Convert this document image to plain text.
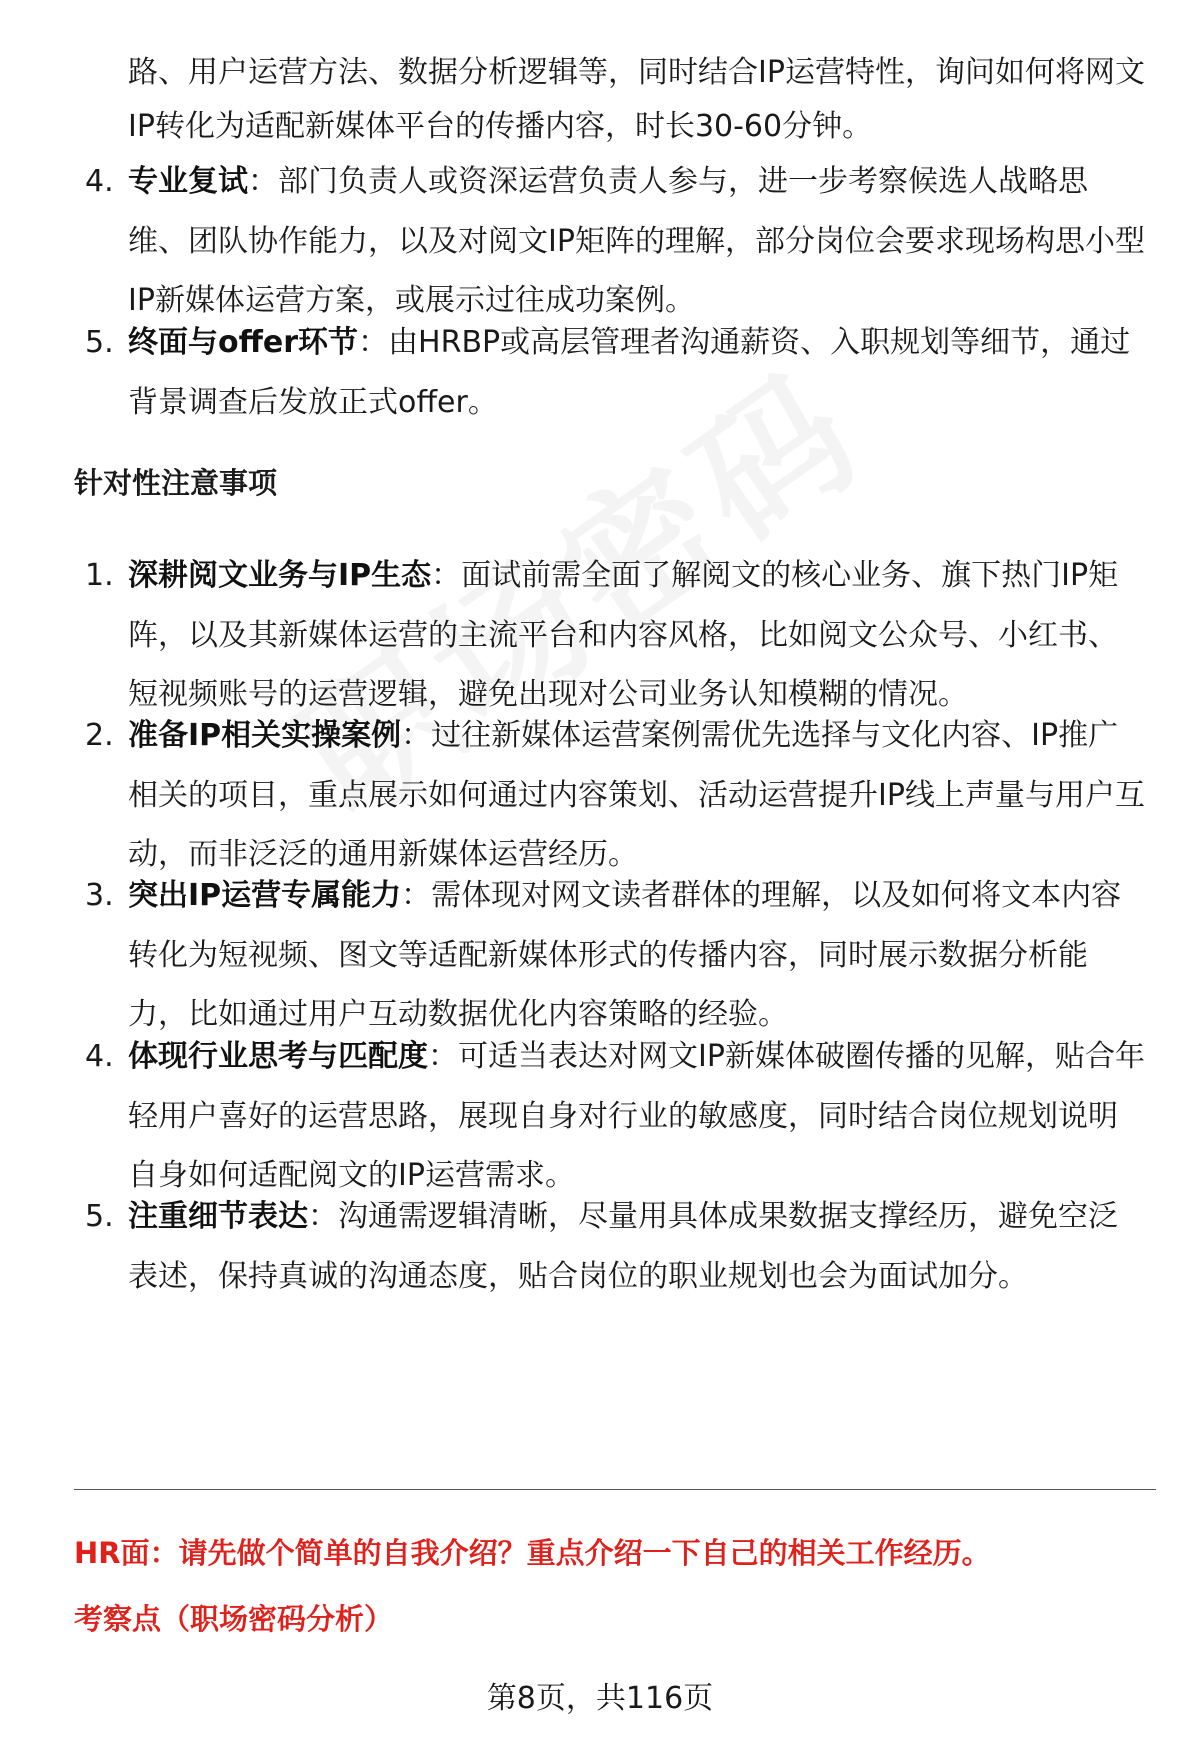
路、用户运营方法、数据分析逻辑等，同时结合IP运营特性，询问如何将网文
IP转化为适配新媒体平台的传播内容，时长30-60分钟。
4. 专业复试：部门负责人或资深运营负责人参与，进一步考察候选人战略思维、团队协作能力，以及对阅文IP矩阵的理解，部分岗位会要求现场构思小型IP新媒体运营方案，或展示过往成功案例。
5. 终面与offer环节：由HRBP或高层管理者沟通薪资、入职规划等细节，通过背景调查后发放正式offer。
针对性注意事项
1. 深耕阅文业务与IP生态：面试前需全面了解阅文的核心业务、旗下热门IP矩阵，以及其新媒体运营的主流平台和内容风格，比如阅文公众号、小红书、短视频账号的运营逻辑，避免出现对公司业务认知模糊的情况。
2. 准备IP相关实操案例：过往新媒体运营案例需优先选择与文化内容、IP推广相关的项目，重点展示如何通过内容策划、活动运营提升IP线上声量与用户互动，而非泛泛的通用新媒体运营经历。
3. 突出IP运营专属能力：需体现对网文读者群体的理解，以及如何将文本内容转化为短视频、图文等适配新媒体形式的传播内容，同时展示数据分析能力，比如通过用户互动数据优化内容策略的经验。
4. 体现行业思考与匹配度：可适当表达对网文IP新媒体破圈传播的见解，贴合年轻用户喜好的运营思路，展现自身对行业的敏感度，同时结合岗位规划说明自身如何适配阅文的IP运营需求。
5. 注重细节表达：沟通需逻辑清晰，尽量用具体成果数据支撑经历，避免空泛表述，保持真诚的沟通态度，贴合岗位的职业规划也会为面试加分。
HR面：请先做个简单的自我介绍？重点介绍一下自己的相关工作经历。
考察点（职场密码分析）
第8页，共116页
